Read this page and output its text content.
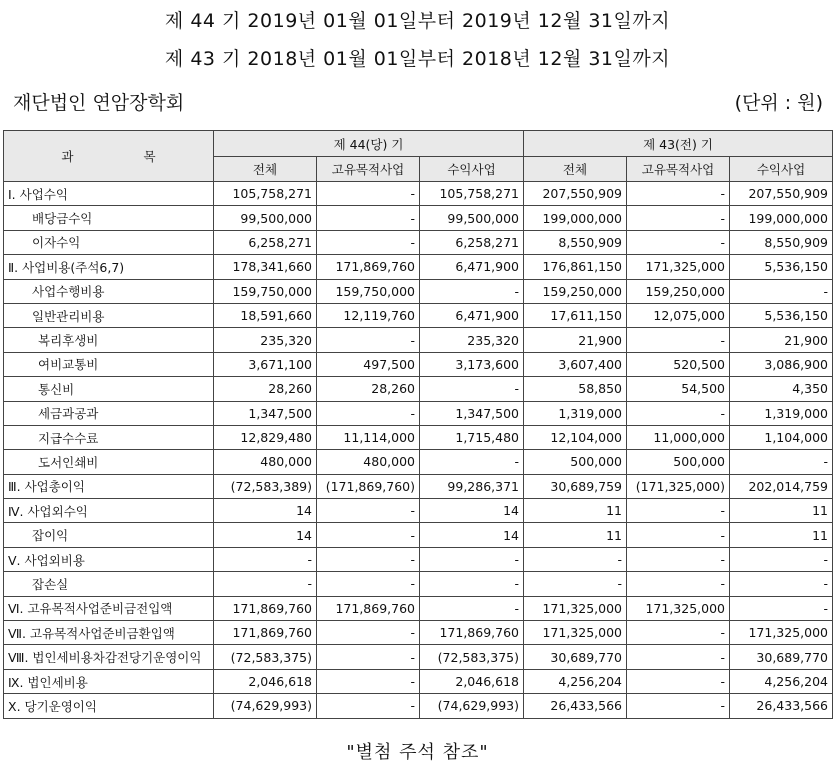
제 44 기 2019년 01월 01일부터 2019년 12월 31일까지
제 43 기 2018년 01월 01일부터 2018년 12월 31일까지
재단법인 연암장학회	(단위 : 원)
과 목	제 44(당) 기			제 43(전) 기		
	전체	고유목적사업	수익사업	전체	고유목적사업	수익사업
Ⅰ. 사업수익	105,758,271	-	105,758,271	207,550,909	-	207,550,909
배당금수익	99,500,000	-	99,500,000	199,000,000	-	199,000,000
이자수익	6,258,271	-	6,258,271	8,550,909	-	8,550,909
Ⅱ. 사업비용(주석6,7)	178,341,660	171,869,760	6,471,900	176,861,150	171,325,000	5,536,150
사업수행비용	159,750,000	159,750,000	-	159,250,000	159,250,000	-
일반관리비용	18,591,660	12,119,760	6,471,900	17,611,150	12,075,000	5,536,150
복리후생비	235,320	-	235,320	21,900	-	21,900
여비교통비	3,671,100	497,500	3,173,600	3,607,400	520,500	3,086,900
통신비	28,260	28,260	-	58,850	54,500	4,350
세금과공과	1,347,500	-	1,347,500	1,319,000	-	1,319,000
지급수수료	12,829,480	11,114,000	1,715,480	12,104,000	11,000,000	1,104,000
도서인쇄비	480,000	480,000	-	500,000	500,000	-
Ⅲ. 사업총이익	(72,583,389)	(171,869,760)	99,286,371	30,689,759	(171,325,000)	202,014,759
Ⅳ. 사업외수익	14	-	14	11	-	11
잡이익	14	-	14	11	-	11
Ⅴ. 사업외비용	-	-	-	-	-	-
잡손실	-	-	-	-	-	-
Ⅵ. 고유목적사업준비금전입액	171,869,760	171,869,760	-	171,325,000	171,325,000	-
Ⅶ. 고유목적사업준비금환입액	171,869,760	-	171,869,760	171,325,000	-	171,325,000
Ⅷ. 법인세비용차감전당기운영이익	(72,583,375)	-	(72,583,375)	30,689,770	-	30,689,770
Ⅸ. 법인세비용	2,046,618	-	2,046,618	4,256,204	-	4,256,204
Ⅹ. 당기운영이익	(74,629,993)	-	(74,629,993)	26,433,566	-	26,433,566
"별첨 주석 참조"
